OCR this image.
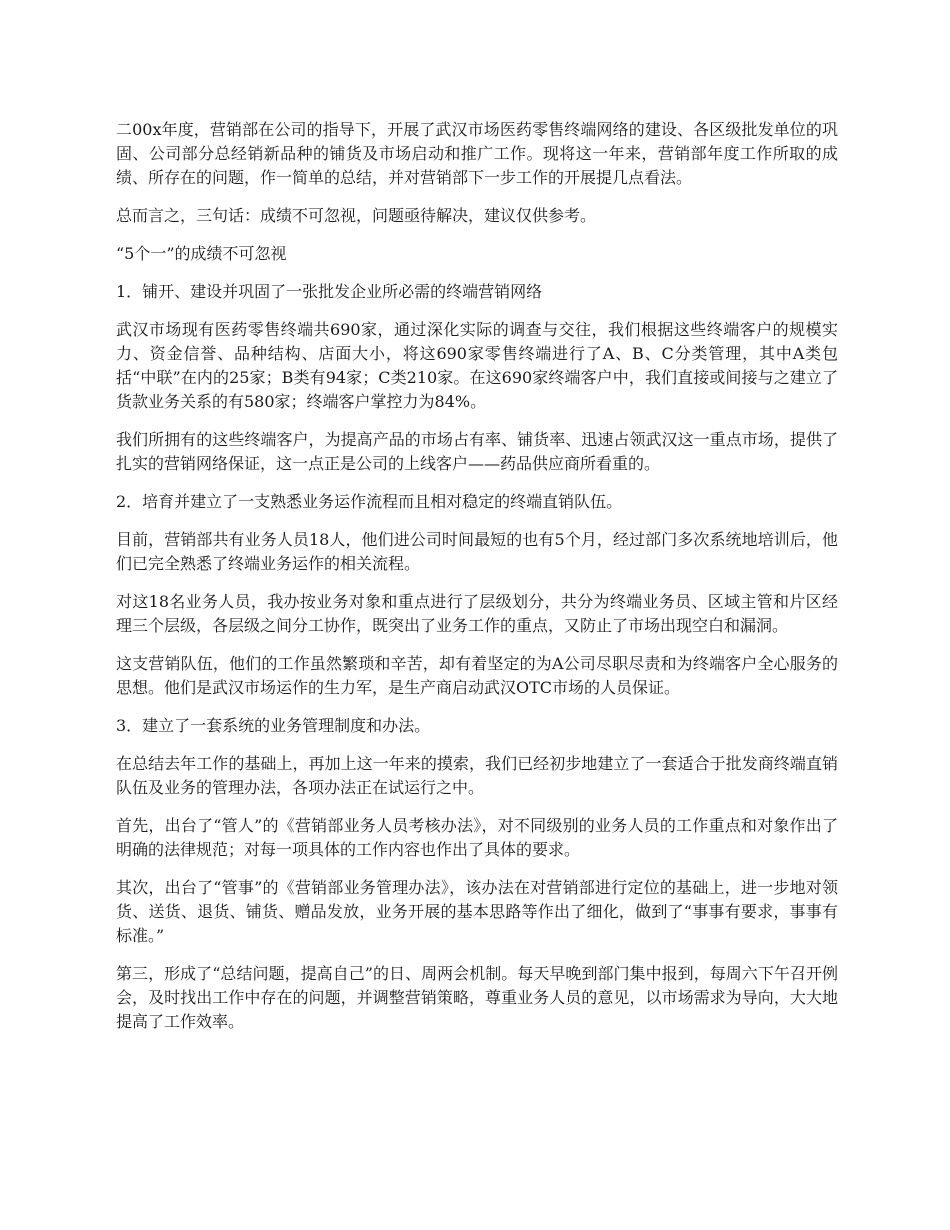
二00x年度，营销部在公司的指导下，开展了武汉市场医药零售终端网络的建设、各区级批发单位的巩固、公司部分总经销新品种的铺货及市场启动和推广工作。现将这一年来，营销部年度工作所取的成绩、所存在的问题，作一简单的总结，并对营销部下一步工作的开展提几点看法。

总而言之，三句话：成绩不可忽视，问题亟待解决，建议仅供参考。

“5个一”的成绩不可忽视

1．铺开、建设并巩固了一张批发企业所必需的终端营销网络

武汉市场现有医药零售终端共690家，通过深化实际的调查与交往，我们根据这些终端客户的规模实力、资金信誉、品种结构、店面大小，将这690家零售终端进行了A、B、C分类管理，其中A类包括“中联”在内的25家；B类有94家；C类210家。在这690家终端客户中，我们直接或间接与之建立了货款业务关系的有580家；终端客户掌控力为84%。

我们所拥有的这些终端客户，为提高产品的市场占有率、铺货率、迅速占领武汉这一重点市场，提供了扎实的营销网络保证，这一点正是公司的上线客户——药品供应商所看重的。

2．培育并建立了一支熟悉业务运作流程而且相对稳定的终端直销队伍。

目前，营销部共有业务人员18人，他们进公司时间最短的也有5个月，经过部门多次系统地培训后，他们已完全熟悉了终端业务运作的相关流程。

对这18名业务人员，我办按业务对象和重点进行了层级划分，共分为终端业务员、区域主管和片区经理三个层级，各层级之间分工协作，既突出了业务工作的重点，又防止了市场出现空白和漏洞。

这支营销队伍，他们的工作虽然繁琐和辛苦，却有着坚定的为A公司尽职尽责和为终端客户全心服务的思想。他们是武汉市场运作的生力军，是生产商启动武汉OTC市场的人员保证。

3．建立了一套系统的业务管理制度和办法。

在总结去年工作的基础上，再加上这一年来的摸索，我们已经初步地建立了一套适合于批发商终端直销队伍及业务的管理办法，各项办法正在试运行之中。

首先，出台了“管人”的《营销部业务人员考核办法》，对不同级别的业务人员的工作重点和对象作出了明确的法律规范；对每一项具体的工作内容也作出了具体的要求。

其次，出台了“管事”的《营销部业务管理办法》，该办法在对营销部进行定位的基础上，进一步地对领货、送货、退货、铺货、赠品发放，业务开展的基本思路等作出了细化，做到了“事事有要求，事事有标准。”

第三，形成了“总结问题，提高自己”的日、周两会机制。每天早晚到部门集中报到，每周六下午召开例会，及时找出工作中存在的问题，并调整营销策略，尊重业务人员的意见，以市场需求为导向，大大地提高了工作效率。
